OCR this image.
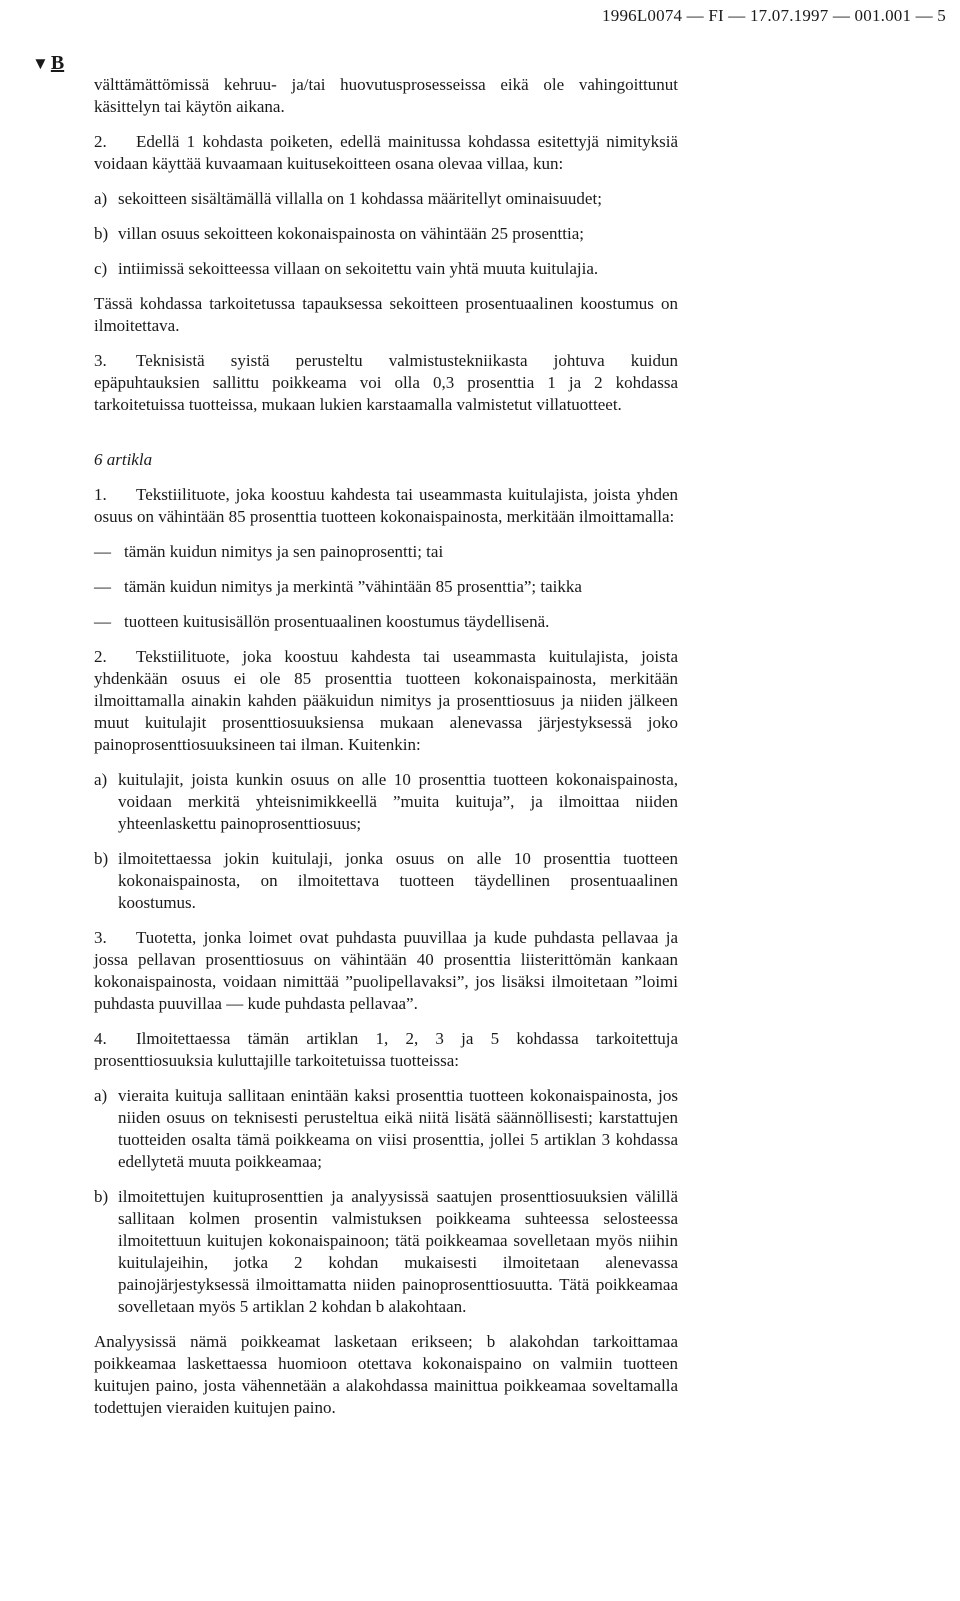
1996L0074 — FI — 17.07.1997 — 001.001 — 5
▼ B

välttämättömissä kehruu- ja/tai huovutusprosesseissa eikä ole vahingoittunut käsittelyn tai käytön aikana.

2. Edellä 1 kohdasta poiketen, edellä mainitussa kohdassa esitettyjä nimityksiä voidaan käyttää kuvaamaan kuitusekoitteen osana olevaa villaa, kun:

a) sekoitteen sisältämällä villalla on 1 kohdassa määritellyt ominaisuudet;
b) villan osuus sekoitteen kokonaispainosta on vähintään 25 prosenttia;
c) intiimissä sekoitteessa villaan on sekoitettu vain yhtä muuta kuitulajia.

Tässä kohdassa tarkoitetussa tapauksessa sekoitteen prosentuaalinen koostumus on ilmoitettava.

3. Teknisistä syistä perusteltu valmistustekniikasta johtuva kuidun epäpuhtauksien sallittu poikkeama voi olla 0,3 prosenttia 1 ja 2 kohdassa tarkoitetuissa tuotteissa, mukaan lukien karstaamalla valmistetut villatuotteet.

6 artikla

1. Tekstiilituote, joka koostuu kahdesta tai useammasta kuitulajista, joista yhden osuus on vähintään 85 prosenttia tuotteen kokonaispainosta, merkitään ilmoittamalla:

— tämän kuidun nimitys ja sen painoprosentti; tai
— tämän kuidun nimitys ja merkintä ”vähintään 85 prosenttia”; taikka
— tuotteen kuitusisällön prosentuaalinen koostumus täydellisenä.

2. Tekstiilituote, joka koostuu kahdesta tai useammasta kuitulajista, joista yhdenkään osuus ei ole 85 prosenttia tuotteen kokonaispainosta, merkitään ilmoittamalla ainakin kahden pääkuidun nimitys ja prosenttiosuus ja niiden jälkeen muut kuitulajit prosenttiosuuksiensa mukaan alenevassa järjestyksessä joko painoprosenttiosuuksineen tai ilman. Kuitenkin:

a) kuitulajit, joista kunkin osuus on alle 10 prosenttia tuotteen kokonaispainosta, voidaan merkitä yhteisnimikkeellä ”muita kuituja”, ja ilmoittaa niiden yhteenlaskettu painoprosenttiosuus;
b) ilmoitettaessa jokin kuitulaji, jonka osuus on alle 10 prosenttia tuotteen kokonaispainosta, on ilmoitettava tuotteen täydellinen prosentuaalinen koostumus.

3. Tuotetta, jonka loimet ovat puhdasta puuvillaa ja kude puhdasta pellavaa ja jossa pellavan prosenttiosuus on vähintään 40 prosenttia liisterittömän kankaan kokonaispainosta, voidaan nimittää ”puolipellavaksi”, jos lisäksi ilmoitetaan ”loimi puhdasta puuvillaa — kude puhdasta pellavaa”.

4. Ilmoitettaessa tämän artiklan 1, 2, 3 ja 5 kohdassa tarkoitettuja prosenttiosuuksia kuluttajille tarkoitetuissa tuotteissa:

a) vieraita kuituja sallitaan enintään kaksi prosenttia tuotteen kokonaispainosta, jos niiden osuus on teknisesti perusteltua eikä niitä lisätä säännöllisesti; karstattujen tuotteiden osalta tämä poikkeama on viisi prosenttia, jollei 5 artiklan 3 kohdassa edellytetä muuta poikkeamaa;
b) ilmoitettujen kuituprosenttien ja analyysissä saatujen prosenttiosuuksien välillä sallitaan kolmen prosentin valmistuksen poikkeama suhteessa selosteessa ilmoitettuun kuitujen kokonaispainoon; tätä poikkeamaa sovelletaan myös niihin kuitulajeihin, jotka 2 kohdan mukaisesti ilmoitetaan alenevassa painojärjestyksessä ilmoittamatta niiden painoprosenttiosuutta. Tätä poikkeamaa sovelletaan myös 5 artiklan 2 kohdan b alakohtaan.

Analyysissä nämä poikkeamat lasketaan erikseen; b alakohdan tarkoittamaa poikkeamaa laskettaessa huomioon otettava kokonaispaino on valmiin tuotteen kuitujen paino, josta vähennetään a alakohdassa mainittua poikkeamaa soveltamalla todettujen vieraiden kuitujen paino.
